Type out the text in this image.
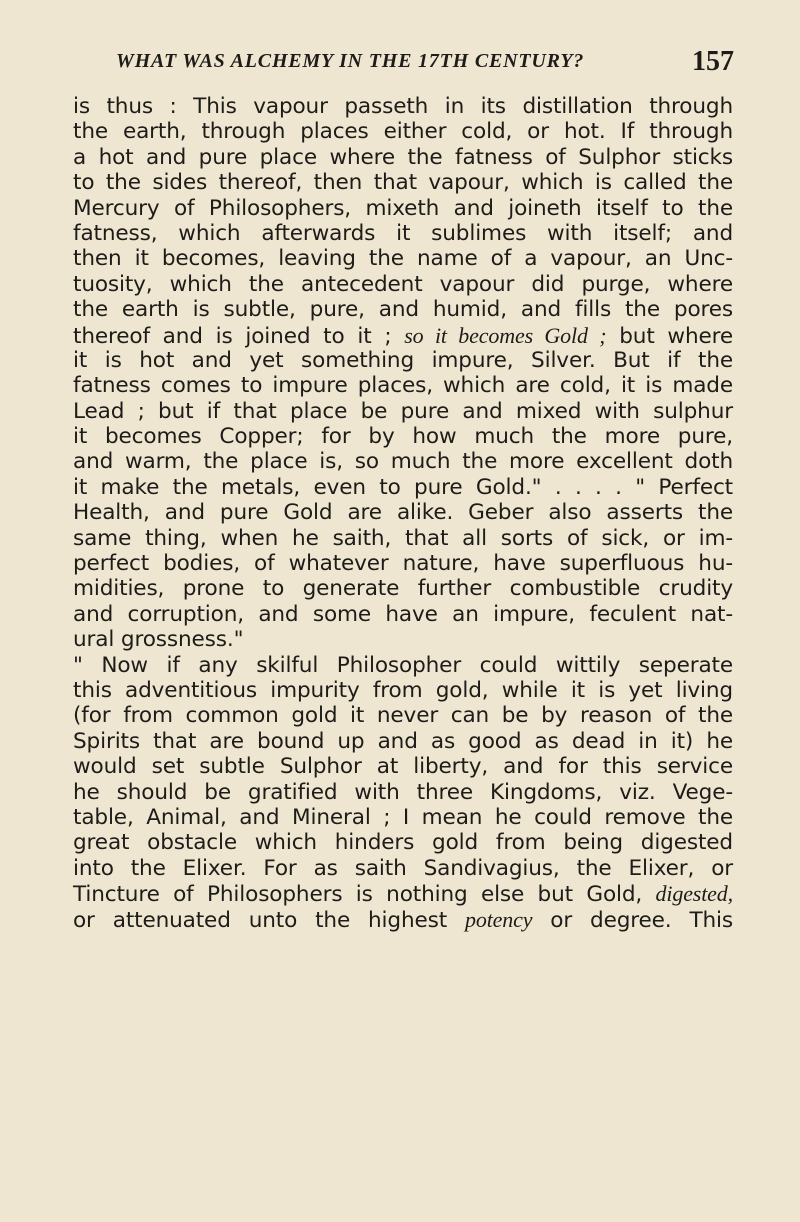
WHAT WAS ALCHEMY IN THE 17TH CENTURY?	157
is thus : This vapour passeth in its distillation through
the earth, through places either cold, or hot. If through
a hot and pure place where the fatness of Sulphor sticks
to the sides thereof, then that vapour, which is called the
Mercury of Philosophers, mixeth and joineth itself to the
fatness, which afterwards it sublimes with itself; and
then it becomes, leaving the name of a vapour, an Unc-
tuosity, which the antecedent vapour did purge, where
the earth is subtle, pure, and humid, and fills the pores
thereof and is joined to it ; so it becomes Gold ; but where
it is hot and yet something impure, Silver. But if the
fatness comes to impure places, which are cold, it is made
Lead ; but if that place be pure and mixed with sulphur
it becomes Copper; for by how much the more pure,
and warm, the place is, so much the more excellent doth
it make the metals, even to pure Gold." . . . . " Perfect
Health, and pure Gold are alike. Geber also asserts the
same thing, when he saith, that all sorts of sick, or im-
perfect bodies, of whatever nature, have superfluous hu-
midities, prone to generate further combustible crudity
and corruption, and some have an impure, feculent nat-
ural grossness."
" Now if any skilful Philosopher could wittily seperate
this adventitious impurity from gold, while it is yet living
(for from common gold it never can be by reason of the
Spirits that are bound up and as good as dead in it) he
would set subtle Sulphor at liberty, and for this service
he should be gratified with three Kingdoms, viz. Vege-
table, Animal, and Mineral ; I mean he could remove the
great obstacle which hinders gold from being digested
into the Elixer. For as saith Sandivagius, the Elixer, or
Tincture of Philosophers is nothing else but Gold, digested,
or attenuated unto the highest potency or degree. This
